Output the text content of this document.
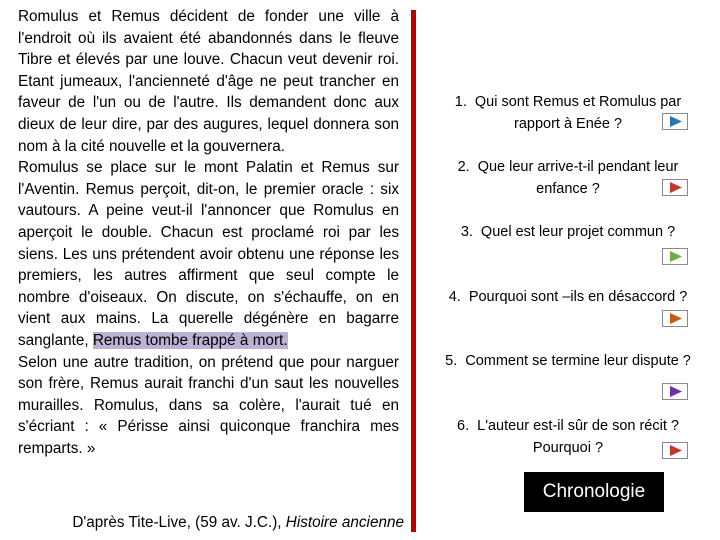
Romulus et Remus décident de fonder une ville à l'endroit où ils avaient été abandonnés dans le fleuve Tibre et élevés par une louve. Chacun veut devenir roi. Etant jumeaux, l'ancienneté d'âge ne peut trancher en faveur de l'un ou de l'autre. Ils demandent donc aux dieux de leur dire, par des augures, lequel donnera son nom à la cité nouvelle et la gouvernera.

Romulus se place sur le mont Palatin et Remus sur l'Aventin. Remus perçoit, dit-on, le premier oracle : six vautours. A peine veut-il l'annoncer que Romulus en aperçoit le double. Chacun est proclamé roi par les siens. Les uns prétendent avoir obtenu une réponse les premiers, les autres affirment que seul compte le nombre d'oiseaux. On discute, on s'échauffe, on en vient aux mains. La querelle dégénère en bagarre sanglante, Remus tombe frappé à mort.

Selon une autre tradition, on prétend que pour narguer son frère, Remus aurait franchi d'un saut les nouvelles murailles. Romulus, dans sa colère, l'aurait tué en s'écriant : « Périsse ainsi quiconque franchira mes remparts. »

D'après Tite-Live, (59 av. J.C.), Histoire ancienne
1. Qui sont Remus et Romulus par rapport à Enée ?
2. Que leur arrive-t-il pendant leur enfance ?
3. Quel est leur projet commun ?
4. Pourquoi sont –ils en désaccord ?
5. Comment se termine leur dispute ?
6. L'auteur est-il sûr de son récit ? Pourquoi ?
Chronologie
